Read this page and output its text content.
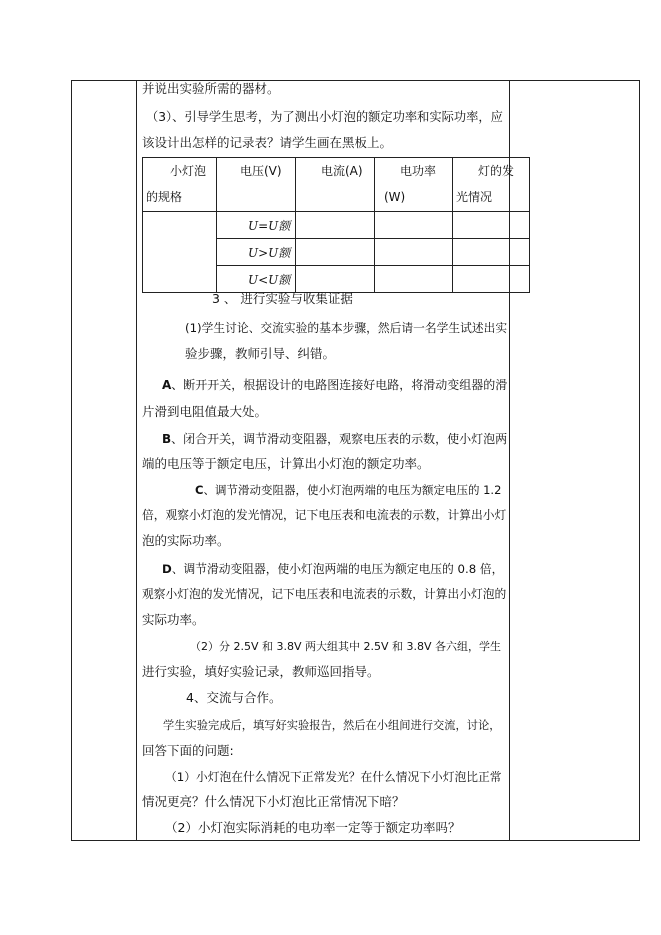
并说出实验所需的器材。
（3）、引导学生思考，为了测出小灯泡的额定功率和实际功率，应
该设计出怎样的记录表？请学生画在黑板上。
小灯泡
的规格	电压(V)	电流(A)	电功率
(W)	灯的发
光情况

	U=U额			
	U>U额			
	U<U额			
3 、 进行实验与收集证据
(1)学生讨论、交流实验的基本步骤，然后请一名学生试述出实
验步骤，教师引导、纠错。
A、断开开关，根据设计的电路图连接好电路，将滑动变组器的滑
片滑到电阻值最大处。
B、闭合开关，调节滑动变阻器，观察电压表的示数，使小灯泡两
端的电压等于额定电压，计算出小灯泡的额定功率。
C、调节滑动变阻器，使小灯泡两端的电压为额定电压的 1.2
倍，观察小灯泡的发光情况，记下电压表和电流表的示数，计算出小灯
泡的实际功率。
D、调节滑动变阻器，使小灯泡两端的电压为额定电压的 0.8 倍，
观察小灯泡的发光情况，记下电压表和电流表的示数，计算出小灯泡的
实际功率。
（2）分 2.5V 和 3.8V 两大组其中 2.5V 和 3.8V 各六组，学生
进行实验，填好实验记录，教师巡回指导。
4、交流与合作。
学生实验完成后，填写好实验报告，然后在小组间进行交流，讨论，
回答下面的问题:
（1）小灯泡在什么情况下正常发光？在什么情况下小灯泡比正常
情况更亮？什么情况下小灯泡比正常情况下暗？
（2）小灯泡实际消耗的电功率一定等于额定功率吗？
